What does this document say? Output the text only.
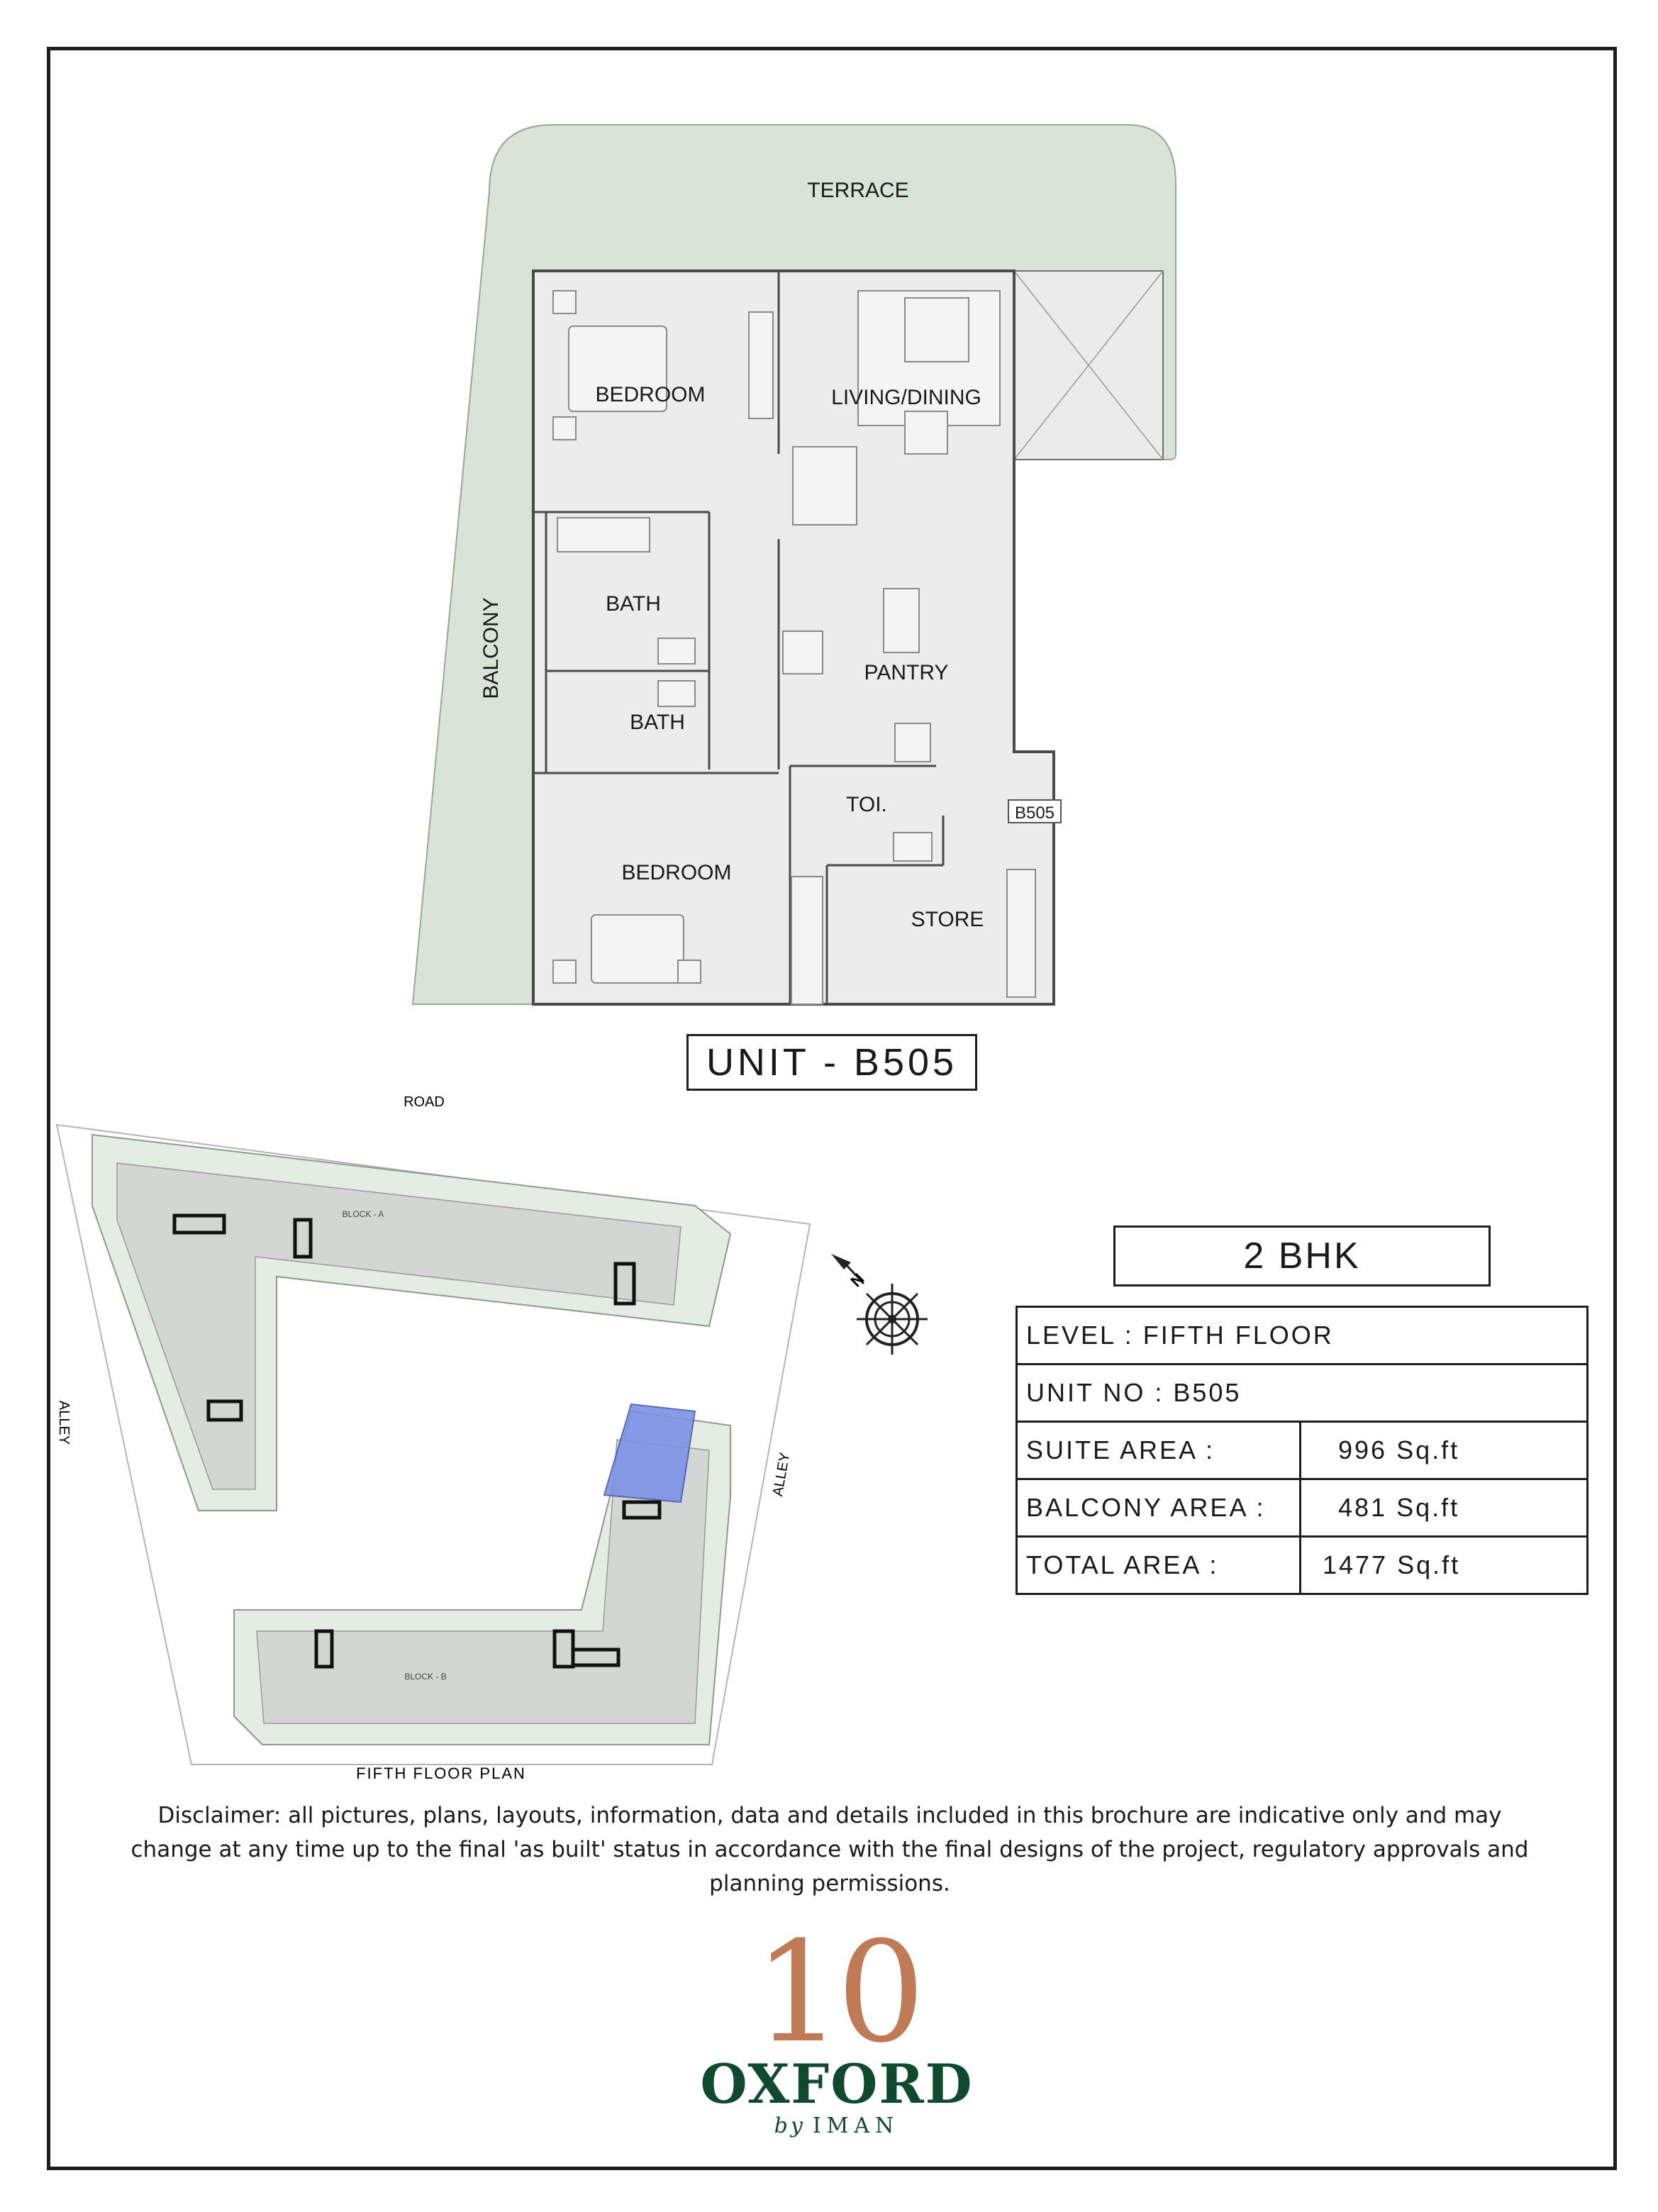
TERRACE
BEDROOM	LIVING/DINING
BATH
BATH
PANTRY
TOI.
BEDROOM
STORE
BALCONY
B505
UNIT - B505
ROAD
BLOCK - A
BLOCK - B
ALLEY
ALLEY
FIFTH FLOOR PLAN
N
2 BHK
LEVEL : FIFTH FLOOR	
UNIT NO : B505	
SUITE AREA :	996 Sq.ft
BALCONY AREA :	481 Sq.ft
TOTAL AREA :	1477 Sq.ft
Disclaimer: all pictures, plans, layouts, information, data and details included in this brochure are indicative only and may change at any time up to the final 'as built' status in accordance with the final designs of the project, regulatory approvals and planning permissions.
10
OXFORD
by IMAN
